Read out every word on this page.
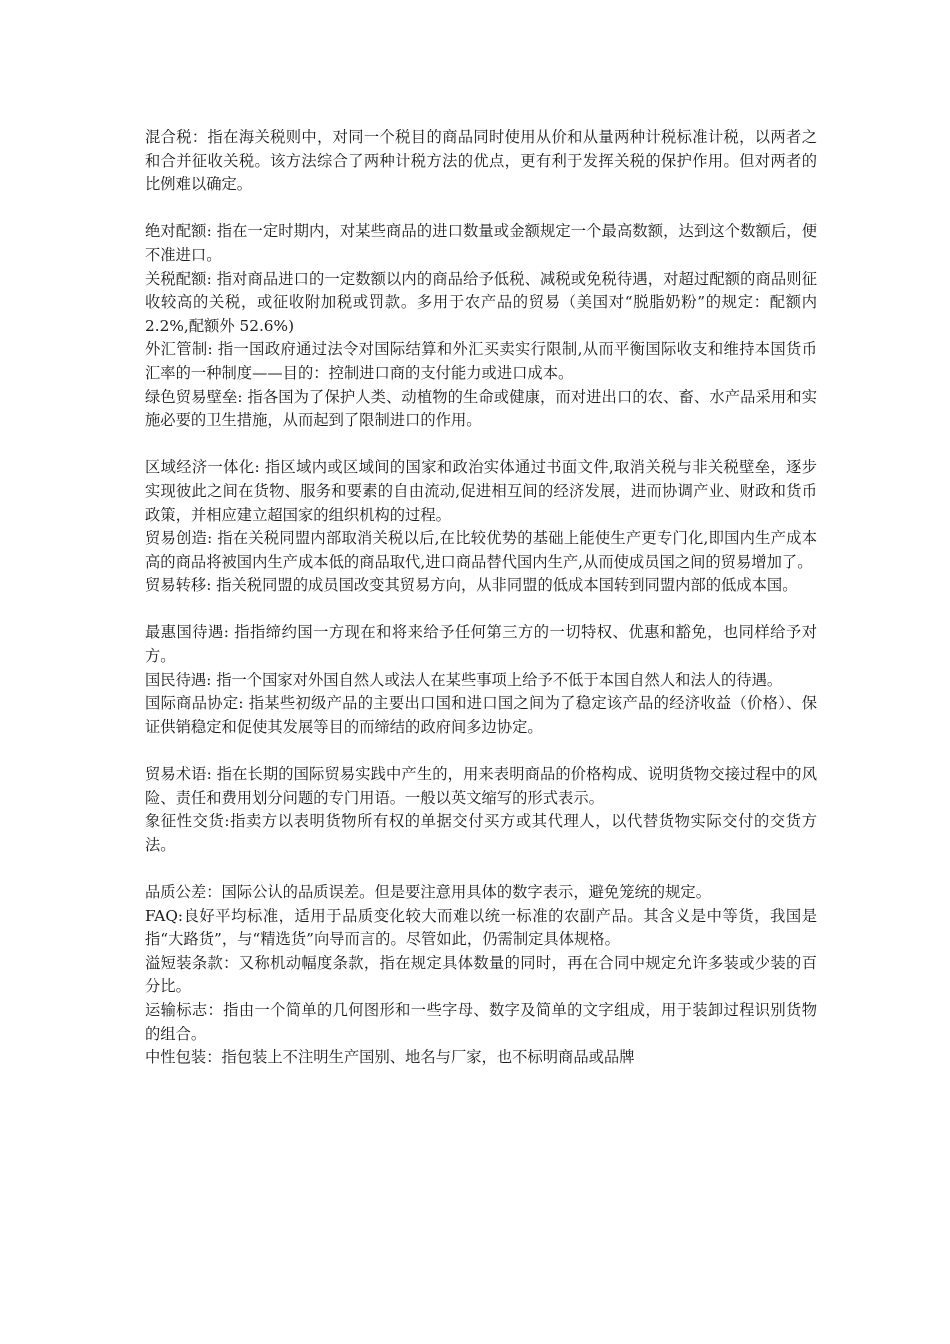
混合税：指在海关税则中，对同一个税目的商品同时使用从价和从量两种计税标准计税，以两者之和合并征收关税。该方法综合了两种计税方法的优点，更有利于发挥关税的保护作用。但对两者的比例难以确定。

绝对配额: 指在一定时期内，对某些商品的进口数量或金额规定一个最高数额，达到这个数额后，便不准进口。

关税配额: 指对商品进口的一定数额以内的商品给予低税、减税或免税待遇，对超过配额的商品则征收较高的关税，或征收附加税或罚款。多用于农产品的贸易（美国对“脱脂奶粉”的规定：配额内 2.2%,配额外 52.6%)

外汇管制: 指一国政府通过法令对国际结算和外汇买卖实行限制,从而平衡国际收支和维持本国货币汇率的一种制度——目的：控制进口商的支付能力或进口成本。

绿色贸易壁垒: 指各国为了保护人类、动植物的生命或健康，而对进出口的农、畜、水产品采用和实施必要的卫生措施，从而起到了限制进口的作用。

区域经济一体化: 指区域内或区域间的国家和政治实体通过书面文件,取消关税与非关税壁垒，逐步实现彼此之间在货物、服务和要素的自由流动,促进相互间的经济发展，进而协调产业、财政和货币政策，并相应建立超国家的组织机构的过程。

贸易创造: 指在关税同盟内部取消关税以后,在比较优势的基础上能使生产更专门化,即国内生产成本高的商品将被国内生产成本低的商品取代,进口商品替代国内生产,从而使成员国之间的贸易增加了。

贸易转移: 指关税同盟的成员国改变其贸易方向，从非同盟的低成本国转到同盟内部的低成本国。

最惠国待遇: 指指缔约国一方现在和将来给予任何第三方的一切特权、优惠和豁免，也同样给予对方。

国民待遇: 指一个国家对外国自然人或法人在某些事项上给予不低于本国自然人和法人的待遇。

国际商品协定: 指某些初级产品的主要出口国和进口国之间为了稳定该产品的经济收益（价格）、保证供销稳定和促使其发展等目的而缔结的政府间多边协定。

贸易术语: 指在长期的国际贸易实践中产生的，用来表明商品的价格构成、说明货物交接过程中的风险、责任和费用划分问题的专门用语。一般以英文缩写的形式表示。

象征性交货:指卖方以表明货物所有权的单据交付买方或其代理人，以代替货物实际交付的交货方法。

品质公差：国际公认的品质误差。但是要注意用具体的数字表示，避免笼统的规定。

FAQ:良好平均标准，适用于品质变化较大而难以统一标准的农副产品。其含义是中等货，我国是指“大路货”，与“精选货”向导而言的。尽管如此，仍需制定具体规格。

溢短装条款：又称机动幅度条款，指在规定具体数量的同时，再在合同中规定允许多装或少装的百分比。

运输标志：指由一个简单的几何图形和一些字母、数字及简单的文字组成，用于装卸过程识别货物的组合。

中性包装：指包装上不注明生产国别、地名与厂家，也不标明商品或品牌
